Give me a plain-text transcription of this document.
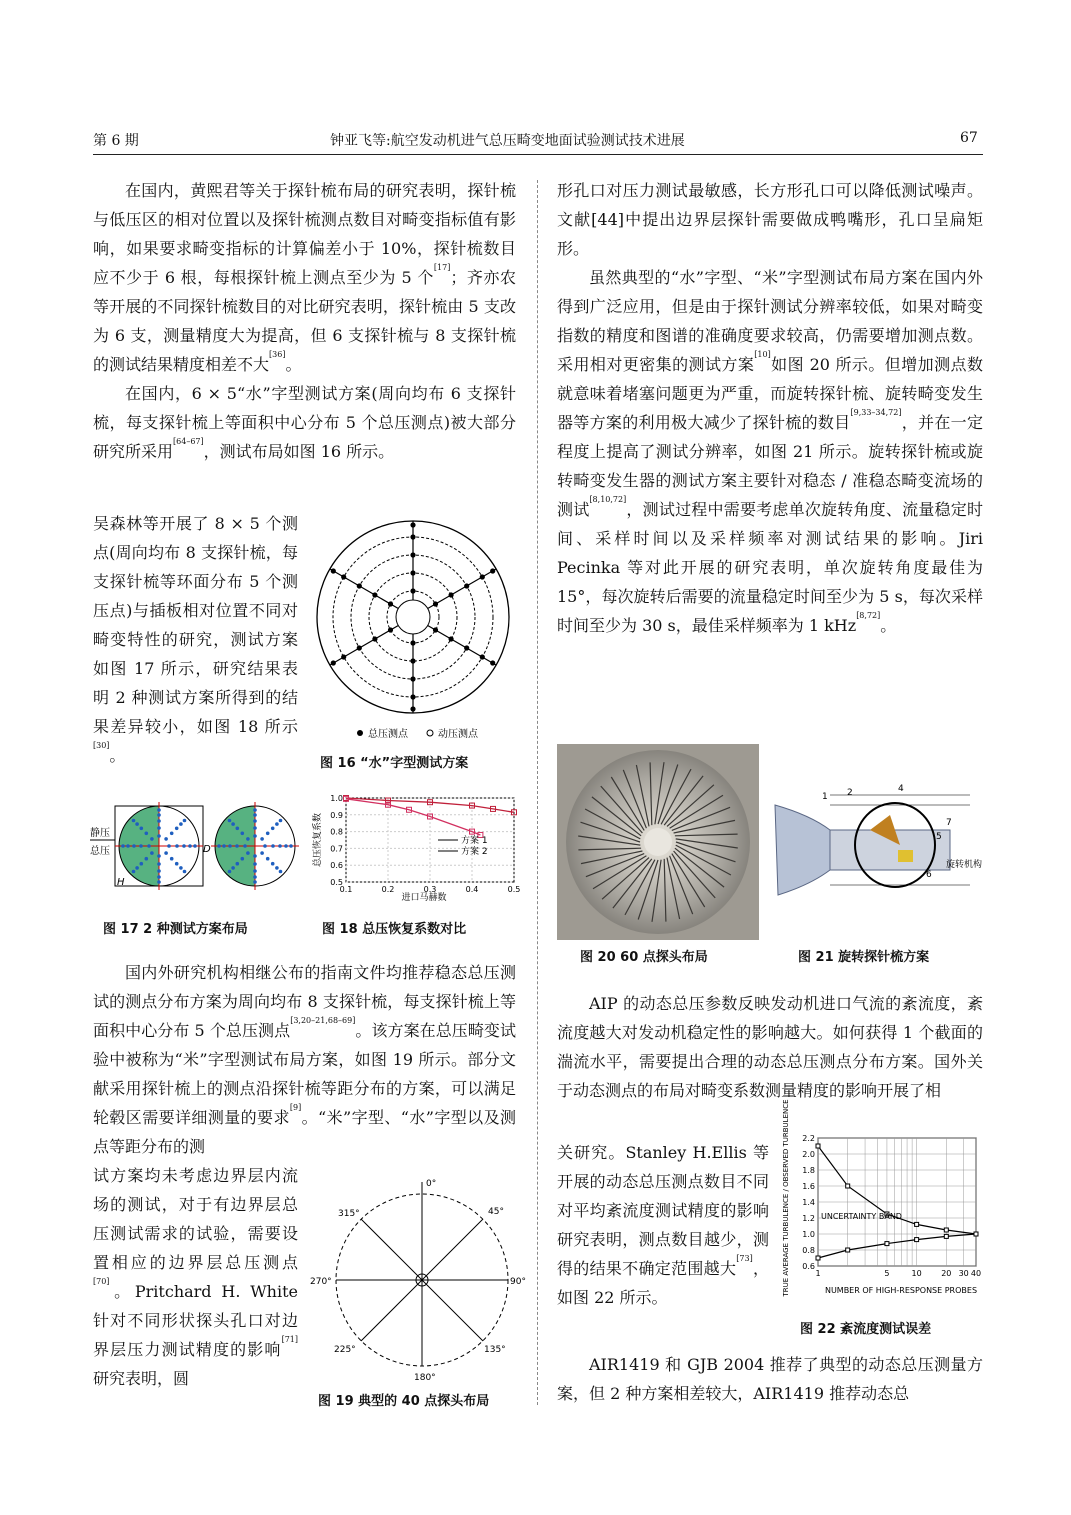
第 6 期	钟亚飞等:航空发动机进气总压畸变地面试验测试技术进展	67

在国内，黄熙君等关于探针梳布局的研究表明，探针梳与低压区的相对位置以及探针梳测点数目对畸变指标值有影响，如果要求畸变指标的计算偏差小于 10%，探针梳数目应不少于 6 根，每根探针梳上测点至少为 5 个[17]；齐亦农等开展的不同探针梳数目的对比研究表明，探针梳由 5 支改为 6 支，测量精度大为提高，但 6 支探针梳与 8 支探针梳的测试结果精度相差不大[36]。

在国内，6 × 5“水”字型测试方案(周向均布 6 支探针梳，每支探针梳上等面积中心分布 5 个总压测点)被大部分研究所采用[64–67]，测试布局如图 16 所示。

吴森林等开展了 8 × 5 个测点(周向均布 8 支探针梳，每支探针梳等环面分布 5 个测压点)与插板相对位置不同对畸变特性的研究，测试方案如图 17 所示，研究结果表明 2 种测试方案所得到的结果差异较小，如图 18 所示[30]。

总压测点	动压测点
图 16 “水”字型测试方案
静压
总压
H
D
图 17 2 种测试方案布局
0.1	0.2	0.3	0.4	0.5
0.5
0.6
0.7
0.8
0.9
1.0
进口马赫数
总压恢复系数	方案 1
方案 2
图 18 总压恢复系数对比

国内外研究机构相继公布的指南文件均推荐稳态总压测试的测点分布方案为周向均布 8 支探针梳，每支探针梳上等面积中心分布 5 个总压测点[3,20–21,68–69]。该方案在总压畸变试验中被称为“米”字型测试布局方案，如图 19 所示。部分文献采用探针梳上的测点沿探针梳等距分布的方案，可以满足轮毂区需要详细测量的要求[9]。“米”字型、“水”字型以及测点等距分布的测

试方案均未考虑边界层内流场的测试，对于有边界层总压测试需求的试验，需要设置相应的边界层总压测点[70]。Pritchard H. White 针对不同形状探头孔口对边界层压力测试精度的影响[71]研究表明，圆

0°
45°
90°
135°
180°
225°
270°
315°
图 19 典型的 40 点探头布局

形孔口对压力测试最敏感，长方形孔口可以降低测试噪声。文献[44]中提出边界层探针需要做成鸭嘴形，孔口呈扁矩形。

虽然典型的“水”字型、“米”字型测试布局方案在国内外得到广泛应用，但是由于探针测试分辨率较低，如果对畸变指数的精度和图谱的准确度要求较高，仍需要增加测点数。采用相对更密集的测试方案[10]如图 20 所示。但增加测点数就意味着堵塞问题更为严重，而旋转探针梳、旋转畸变发生器等方案的利用极大减少了探针梳的数目[9,33–34,72]，并在一定程度上提高了测试分辨率，如图 21 所示。旋转探针梳或旋转畸变发生器的测试方案主要针对稳态 / 准稳态畸变流场的测试[8,10,72]，测试过程中需要考虑单次旋转角度、流量稳定时间、采样时间以及采样频率对测试结果的影响。Jiri Pecinka 等对此开展的研究表明，单次旋转角度最佳为 15°，每次旋转后需要的流量稳定时间至少为 5 s，每次采样时间至少为 30 s，最佳采样频率为 1 kHz[8,72]。

图 20 60 点探头布局
1 2	4
7
5
6
旋转机构
图 21 旋转探针梳方案

AIP 的动态总压参数反映发动机进口气流的紊流度，紊流度越大对发动机稳定性的影响越大。如何获得 1 个截面的湍流水平，需要提出合理的动态总压测点分布方案。国外关于动态测点的布局对畸变系数测量精度的影响开展了相

关研究。Stanley H.Ellis 等开展的动态总压测点数目不同对平均紊流度测试精度的影响研究表明，测点数目越少，测得的结果不确定范围越大[73]，如图 22 所示。

0.6
0.8
1.0
1.2
1.4
1.6
1.8
2.0
2.2
1	5	10 20 30 40
TRUE AVERAGE TURBULENCE / OBSERVED TURBULENCE	NUMBER OF HIGH-RESPONSE PROBES
UNCERTAINTY BAND
图 22 紊流度测试误差

AIR1419 和 GJB 2004 推荐了典型的动态总压测量方案，但 2 种方案相差较大，AIR1419 推荐动态总
